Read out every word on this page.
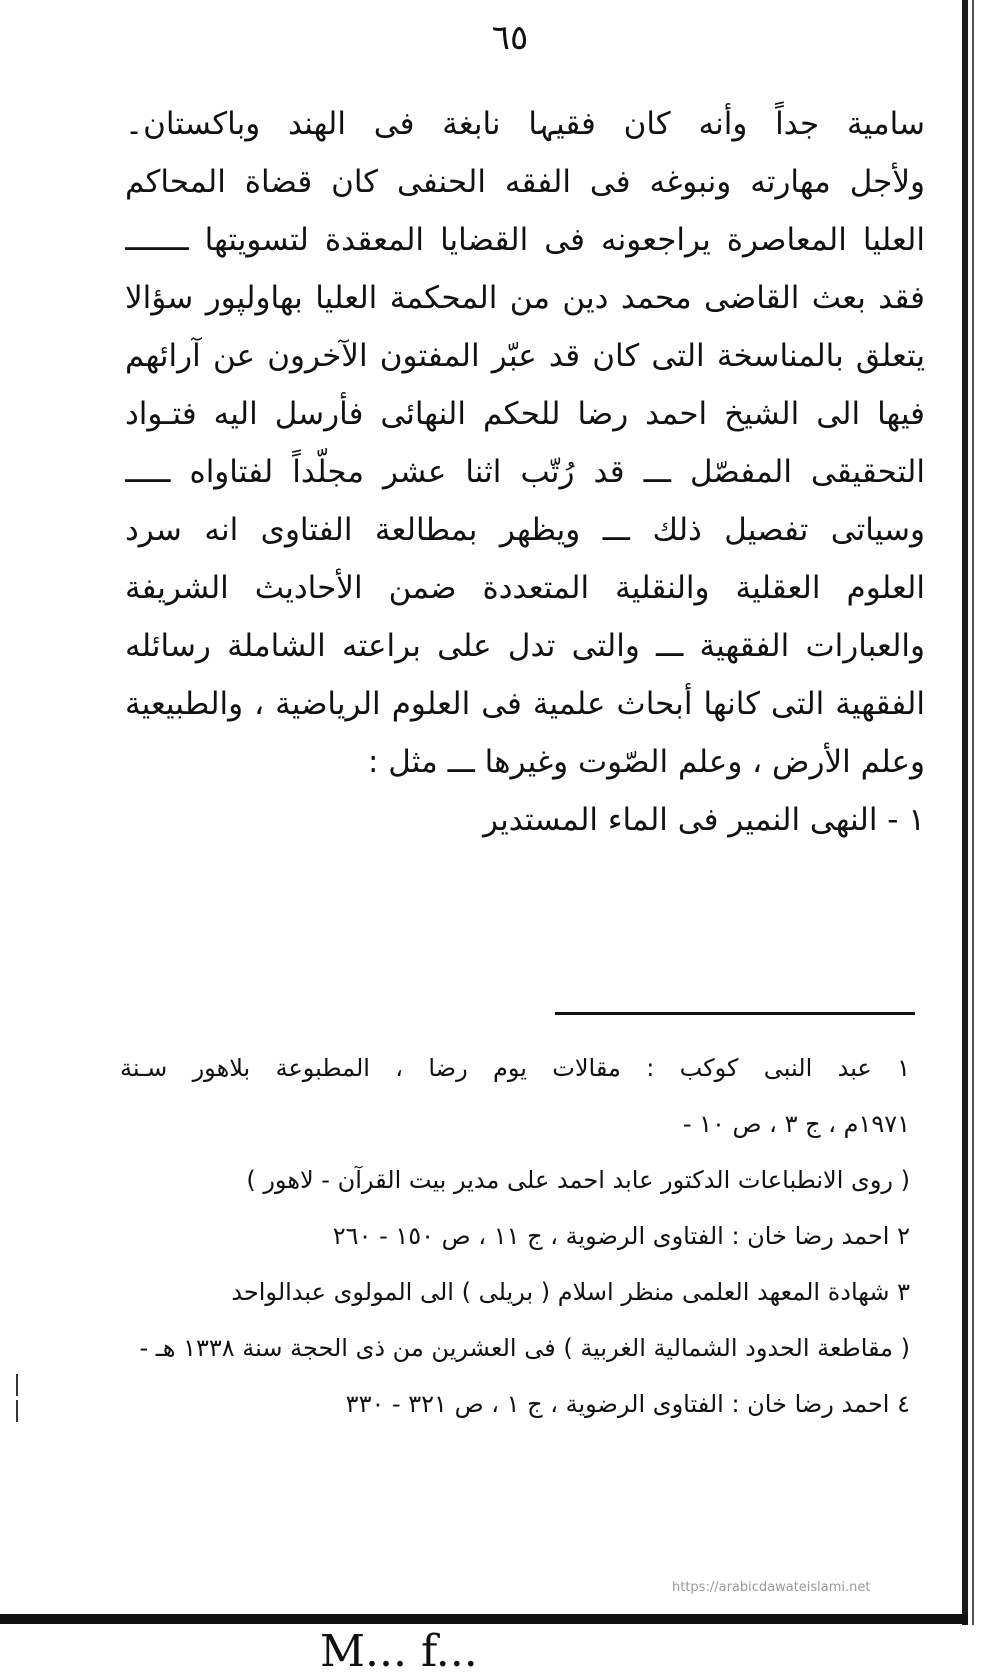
٦٥
سامیة جداً وأنه کان فقیہا نابغة فی الھند وباکستان۔
ولأجل مهارته ونبوغه فی الفقه الحنفی کان قضاة المحاکم
العلیا المعاصرة یراجعونه فی القضایا المعقدة لتسویتها ـــــــ
فقد بعث القاضی محمد دین من المحکمة العلیا بهاولپور سؤالا
یتعلق بالمناسخة التی کان قد عبّر المفتون الآخرون عن آرائهم
فیها الی الشیخ احمد رضا للحکم النهائی فأرسل الیه فتـواد
التحقیقی المفصّل ـــ قد رُتّب اثنا عشر مجلّداً لفتاواه ـــــ
وسیاتی تفصیل ذلك ـــ ویظهر بمطالعة الفتاوی انه سرد
العلوم العقلیة والنقلیة المتعددة ضمن الأحادیث الشریفة
والعبارات الفقهیة ـــ والتی تدل علی براعته الشاملة رسائله
الفقهیة التی کانها أبحاث علمیة فی العلوم الریاضیة ، والطبیعیة
وعلم الأرض ، وعلم الصّوت وغیرها ـــ مثل :
١ - النهی النمیر فی الماء المستدیر
١ عبد النبی کوکب : مقالات یوم رضا ، المطبوعة بلاهور سـنة
١٩٧١م ، ج ٣ ، ص ١٠ -
( روی الانطباعات الدکتور عابد احمد علی مدیر بیت القرآن - لاهور )
٢ احمد رضا خان : الفتاوی الرضویة ، ج ١١ ، ص ١٥٠ - ٢٦٠
٣ شهادة المعهد العلمی منظر اسلام ( بریلی ) الی المولوی عبدالواحد
( مقاطعة الحدود الشمالیة الغربیة ) فی العشرین من ذی الحجة سنة ١٣٣٨ هـ -
٤ احمد رضا خان : الفتاوی الرضویة ، ج ١ ، ص ٣٢١ - ٣٣٠
https://arabicdawateislami.net
M... f...
